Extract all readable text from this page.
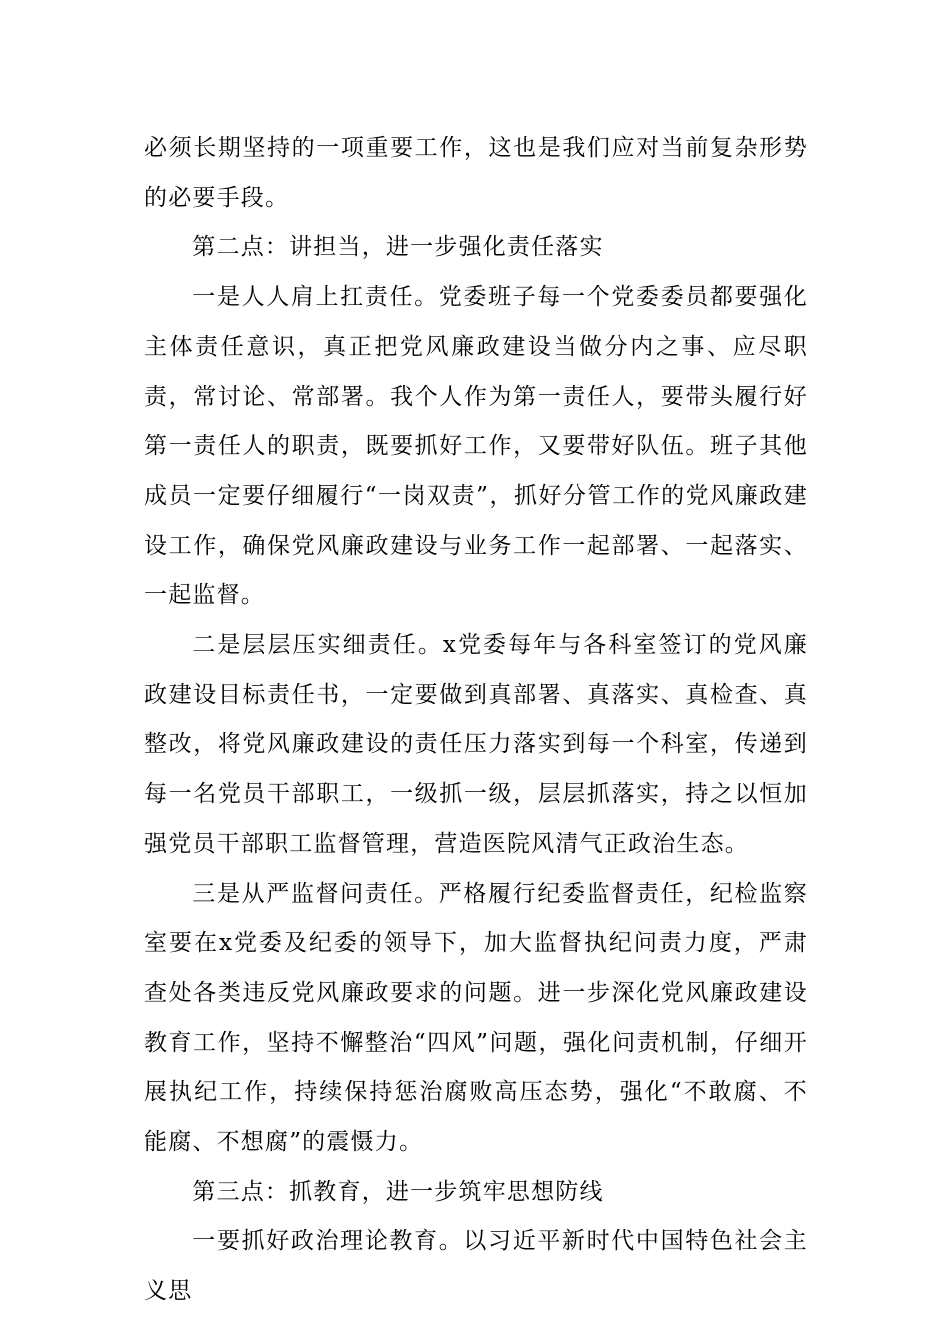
必须长期坚持的一项重要工作，这也是我们应对当前复杂形势的必要手段。

第二点：讲担当，进一步强化责任落实

一是人人肩上扛责任。党委班子每一个党委委员都要强化主体责任意识，真正把党风廉政建设当做分内之事、应尽职责，常讨论、常部署。我个人作为第一责任人，要带头履行好第一责任人的职责，既要抓好工作，又要带好队伍。班子其他成员一定要仔细履行“一岗双责”，抓好分管工作的党风廉政建设工作，确保党风廉政建设与业务工作一起部署、一起落实、一起监督。

二是层层压实细责任。x党委每年与各科室签订的党风廉政建设目标责任书，一定要做到真部署、真落实、真检查、真整改，将党风廉政建设的责任压力落实到每一个科室，传递到每一名党员干部职工，一级抓一级，层层抓落实，持之以恒加强党员干部职工监督管理，营造医院风清气正政治生态。

三是从严监督问责任。严格履行纪委监督责任，纪检监察室要在x党委及纪委的领导下，加大监督执纪问责力度，严肃查处各类违反党风廉政要求的问题。进一步深化党风廉政建设教育工作，坚持不懈整治“四风”问题，强化问责机制，仔细开展执纪工作，持续保持惩治腐败高压态势，强化“不敢腐、不能腐、不想腐”的震慑力。

第三点：抓教育，进一步筑牢思想防线

一要抓好政治理论教育。以习近平新时代中国特色社会主义思
